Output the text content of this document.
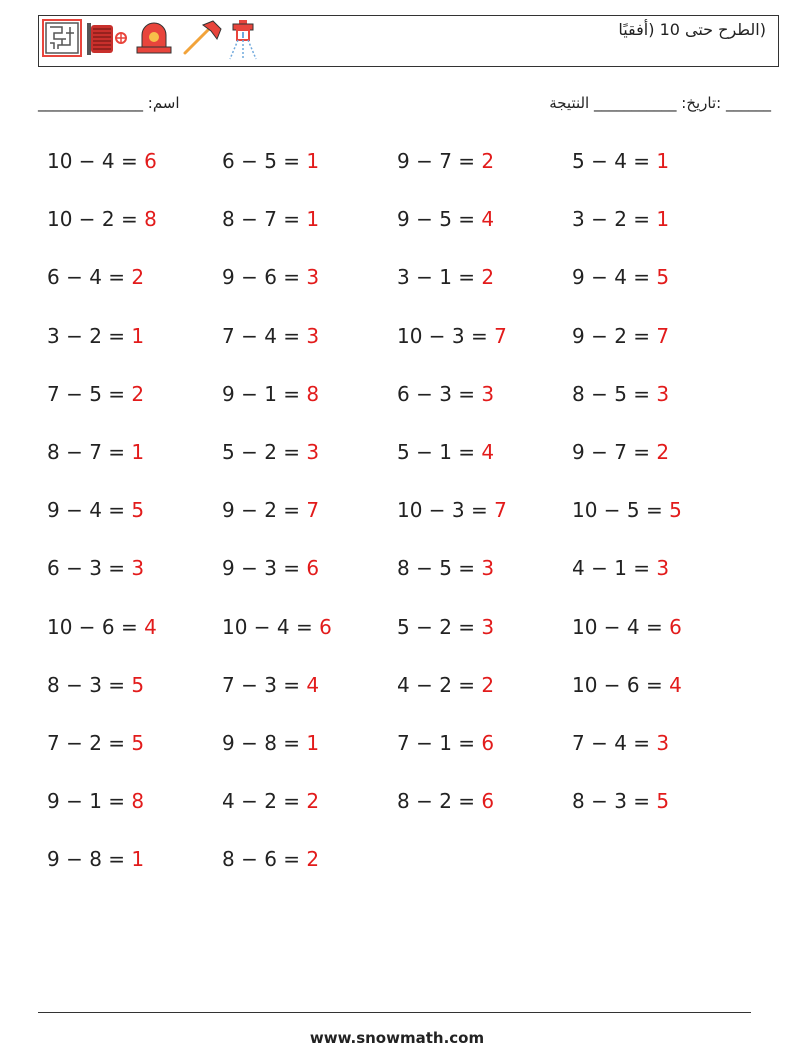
(الطرح حتى 10 (أفقيًا
______________ :اسم	______ :تاريخ: ___________ النتيجة
10 − 4 = 6	6 − 5 = 1	9 − 7 = 2	5 − 4 = 1
10 − 2 = 8	8 − 7 = 1	9 − 5 = 4	3 − 2 = 1
6 − 4 = 2	9 − 6 = 3	3 − 1 = 2	9 − 4 = 5
3 − 2 = 1	7 − 4 = 3	10 − 3 = 7	9 − 2 = 7
7 − 5 = 2	9 − 1 = 8	6 − 3 = 3	8 − 5 = 3
8 − 7 = 1	5 − 2 = 3	5 − 1 = 4	9 − 7 = 2
9 − 4 = 5	9 − 2 = 7	10 − 3 = 7	10 − 5 = 5
6 − 3 = 3	9 − 3 = 6	8 − 5 = 3	4 − 1 = 3
10 − 6 = 4	10 − 4 = 6	5 − 2 = 3	10 − 4 = 6
8 − 3 = 5	7 − 3 = 4	4 − 2 = 2	10 − 6 = 4
7 − 2 = 5	9 − 8 = 1	7 − 1 = 6	7 − 4 = 3
9 − 1 = 8	4 − 2 = 2	8 − 2 = 6	8 − 3 = 5
9 − 8 = 1	8 − 6 = 2
www.snowmath.com
